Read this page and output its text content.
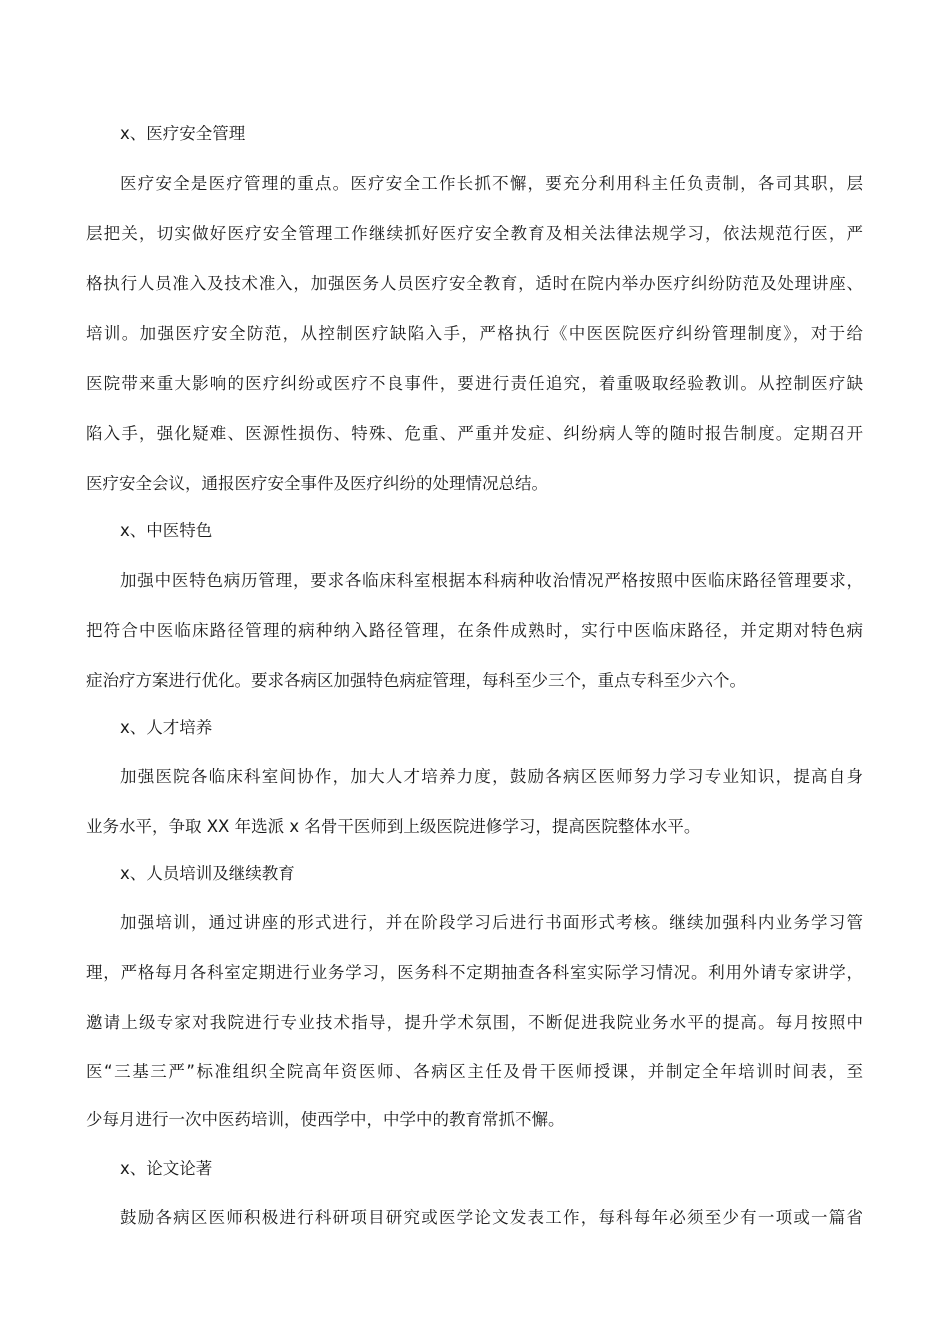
x、医疗安全管理

医疗安全是医疗管理的重点。医疗安全工作长抓不懈，要充分利用科主任负责制，各司其职，层

层把关，切实做好医疗安全管理工作继续抓好医疗安全教育及相关法律法规学习，依法规范行医，严

格执行人员准入及技术准入，加强医务人员医疗安全教育，适时在院内举办医疗纠纷防范及处理讲座、

培训。加强医疗安全防范，从控制医疗缺陷入手，严格执行《中医医院医疗纠纷管理制度》，对于给

医院带来重大影响的医疗纠纷或医疗不良事件，要进行责任追究，着重吸取经验教训。从控制医疗缺

陷入手，强化疑难、医源性损伤、特殊、危重、严重并发症、纠纷病人等的随时报告制度。定期召开

医疗安全会议，通报医疗安全事件及医疗纠纷的处理情况总结。

x、中医特色

加强中医特色病历管理，要求各临床科室根据本科病种收治情况严格按照中医临床路径管理要求，

把符合中医临床路径管理的病种纳入路径管理，在条件成熟时，实行中医临床路径，并定期对特色病

症治疗方案进行优化。要求各病区加强特色病症管理，每科至少三个，重点专科至少六个。

x、人才培养

加强医院各临床科室间协作，加大人才培养力度，鼓励各病区医师努力学习专业知识，提高自身

业务水平，争取 XX 年选派 x 名骨干医师到上级医院进修学习，提高医院整体水平。

x、人员培训及继续教育

加强培训，通过讲座的形式进行，并在阶段学习后进行书面形式考核。继续加强科内业务学习管

理，严格每月各科室定期进行业务学习，医务科不定期抽查各科室实际学习情况。利用外请专家讲学，

邀请上级专家对我院进行专业技术指导，提升学术氛围，不断促进我院业务水平的提高。每月按照中

医“三基三严”标准组织全院高年资医师、各病区主任及骨干医师授课，并制定全年培训时间表，至

少每月进行一次中医药培训，使西学中，中学中的教育常抓不懈。

x、论文论著

鼓励各病区医师积极进行科研项目研究或医学论文发表工作，每科每年必须至少有一项或一篇省
